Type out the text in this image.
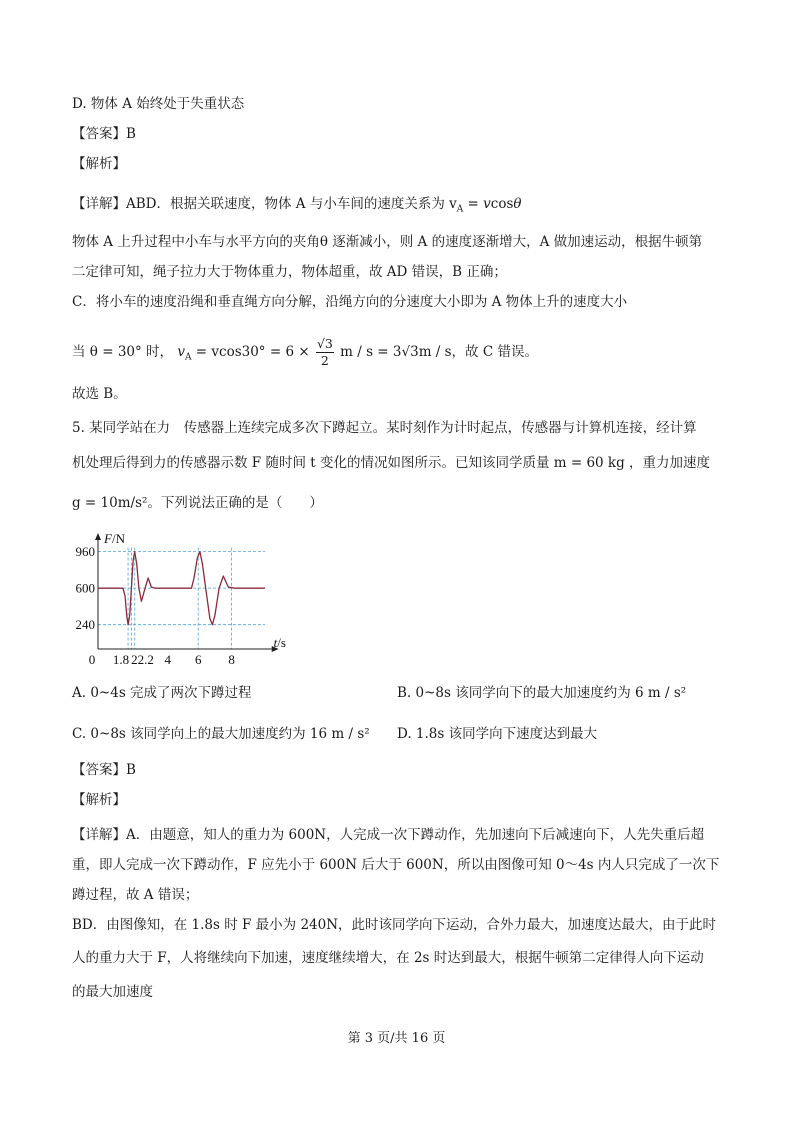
D. 物体 A 始终处于失重状态
【答案】B
【解析】
【详解】ABD．根据关联速度，物体 A 与小车间的速度关系为 $v_A = vcos\theta$
物体 A 上升过程中小车与水平方向的夹角θ 逐渐减小，则 A 的速度逐渐增大，A 做加速运动，根据牛顿第
二定律可知，绳子拉力大于物体重力，物体超重，故 AD 错误，B 正确；
C．将小车的速度沿绳和垂直绳方向分解，沿绳方向的分速度大小即为 A 物体上升的速度大小
当 θ = 30° 时， $v_A = vcos30^\circ = 6 \times \frac{√3}{2}$ m / s = 3√3m / s，故 C 错误。
故选 B。
5. 某同学站在力　传感器上连续完成多次下蹲起立。某时刻作为计时起点，传感器与计算机连接，经计算
机处理后得到力的传感器示数 F 随时间 t 变化的情况如图所示。已知该同学质量 m = 60 kg ，重力加速度
g = 10m/s²。下列说法正确的是（　　）
F/N
t/s
960
600
240
0 1.8 2 2.2 4 6 8
A. 0~4s 完成了两次下蹲过程	B. 0~8s 该同学向下的最大加速度约为 6 m / s²
C. 0~8s 该同学向上的最大加速度约为 16 m / s² D. 1.8s 该同学向下速度达到最大
【答案】B
【解析】
【详解】A．由题意，知人的重力为 600N，人完成一次下蹲动作，先加速向下后减速向下，人先失重后超
重，即人完成一次下蹲动作，F 应先小于 600N 后大于 600N，所以由图像可知 0～4s 内人只完成了一次下
蹲过程，故 A 错误；
BD．由图像知，在 1.8s 时 F 最小为 240N，此时该同学向下运动，合外力最大，加速度达最大，由于此时
人的重力大于 F，人将继续向下加速，速度继续增大，在 2s 时达到最大，根据牛顿第二定律得人向下运动
的最大加速度
第 3 页/共 16 页
